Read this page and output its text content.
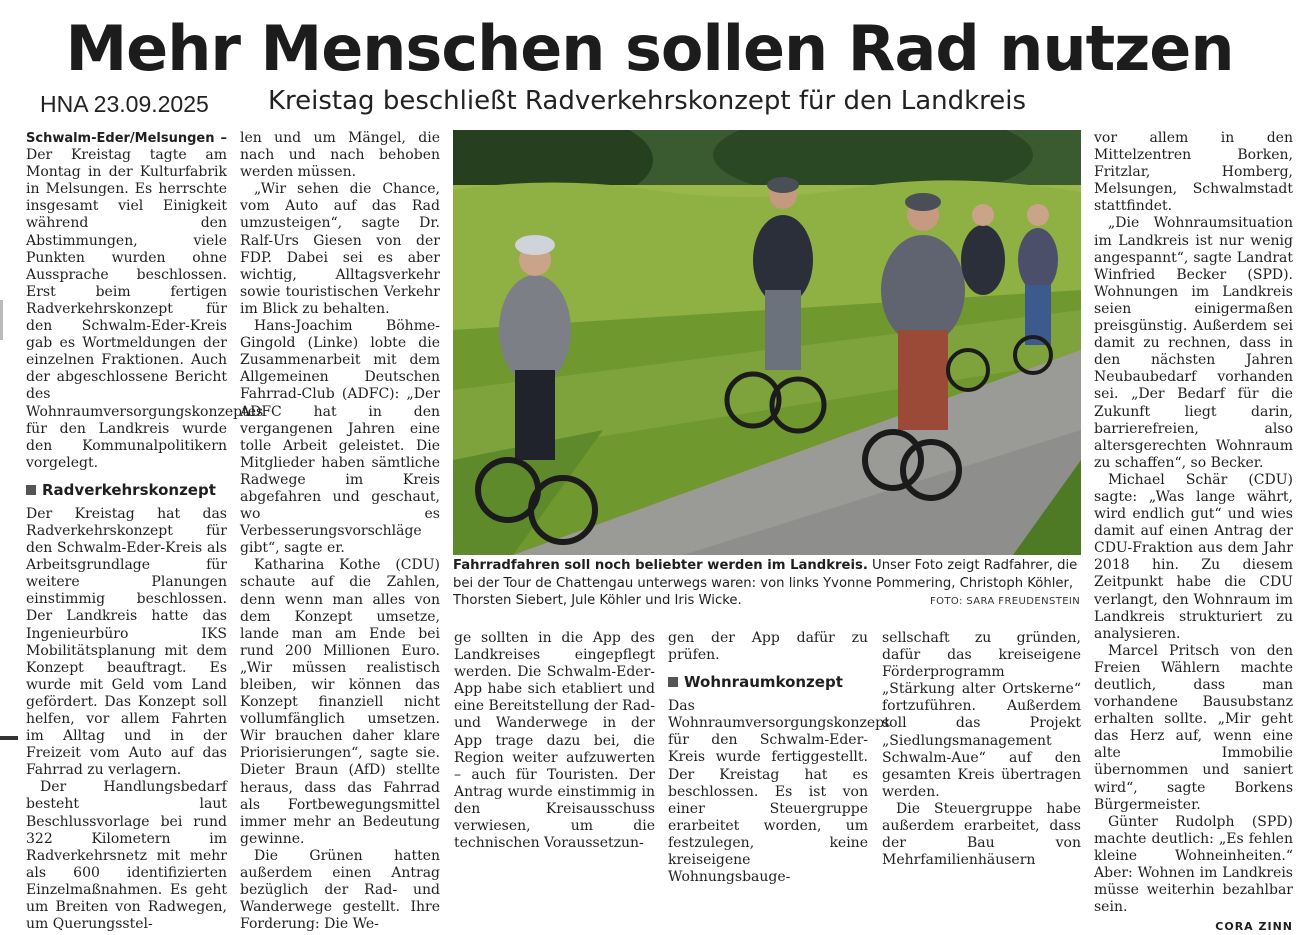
Mehr Menschen sollen Rad nutzen
HNA 23.09.2025 Kreistag beschließt Radverkehrskonzept für den Landkreis

Schwalm-Eder/Melsungen – Der Kreistag tagte am Montag in der Kulturfabrik in Melsungen. Es herrschte insgesamt viel Einigkeit während den Abstimmungen, viele Punkten wurden ohne Aussprache beschlossen. Erst beim fertigen Radverkehrskonzept für den Schwalm-Eder-Kreis gab es Wortmeldungen der einzelnen Fraktionen. Auch der abgeschlossene Bericht des Wohnraumversorgungskonzeptes für den Landkreis wurde den Kommunalpolitikern vorgelegt.

Radverkehrskonzept

Der Kreistag hat das Radverkehrskonzept für den Schwalm-Eder-Kreis als Arbeitsgrundlage für weitere Planungen einstimmig beschlossen. Der Landkreis hatte das Ingenieurbüro IKS Mobilitätsplanung mit dem Konzept beauftragt. Es wurde mit Geld vom Land gefördert. Das Konzept soll helfen, vor allem Fahrten im Alltag und in der Freizeit vom Auto auf das Fahrrad zu verlagern.

Der Handlungsbedarf besteht laut Beschlussvorlage bei rund 322 Kilometern im Radverkehrsnetz mit mehr als 600 identifizierten Einzelmaßnahmen. Es geht um Breiten von Radwegen, um Querungsstel-

len und um Mängel, die nach und nach behoben werden müssen.

„Wir sehen die Chance, vom Auto auf das Rad umzusteigen“, sagte Dr. Ralf-Urs Giesen von der FDP. Dabei sei es aber wichtig, Alltagsverkehr sowie touristischen Verkehr im Blick zu behalten.

Hans-Joachim Böhme-Gingold (Linke) lobte die Zusammenarbeit mit dem Allgemeinen Deutschen Fahrrad-Club (ADFC): „Der ADFC hat in den vergangenen Jahren eine tolle Arbeit geleistet. Die Mitglieder haben sämtliche Radwege im Kreis abgefahren und geschaut, wo es Verbesserungsvorschläge gibt“, sagte er.

Katharina Kothe (CDU) schaute auf die Zahlen, denn wenn man alles von dem Konzept umsetze, lande man am Ende bei rund 200 Millionen Euro. „Wir müssen realistisch bleiben, wir können das Konzept finanziell nicht vollumfänglich umsetzen. Wir brauchen daher klare Priorisierungen“, sagte sie. Dieter Braun (AfD) stellte heraus, dass das Fahrrad als Fortbewegungsmittel immer mehr an Bedeutung gewinne.

Die Grünen hatten außerdem einen Antrag bezüglich der Rad- und Wanderwege gestellt. Ihre Forderung: Die We-

Fahrradfahren soll noch beliebter werden im Landkreis. Unser Foto zeigt Radfahrer, die bei der Tour de Chattengau unterwegs waren: von links Yvonne Pommering, Christoph Köhler, Thorsten Siebert, Jule Köhler und Iris Wicke.	FOTO: SARA FREUDENSTEIN

ge sollten in die App des Landkreises eingepflegt werden. Die Schwalm-Eder-App habe sich etabliert und eine Bereitstellung der Rad- und Wanderwege in der App trage dazu bei, die Region weiter aufzuwerten – auch für Touristen. Der Antrag wurde einstimmig in den Kreisausschuss verwiesen, um die technischen Voraussetzun-

gen der App dafür zu prüfen.

Wohnraumkonzept

Das Wohnraumversorgungskonzept für den Schwalm-Eder-Kreis wurde fertiggestellt. Der Kreistag hat es beschlossen. Es ist von einer Steuergruppe erarbeitet worden, um festzulegen, keine kreiseigene Wohnungsbauge-

sellschaft zu gründen, dafür das kreiseigene Förderprogramm „Stärkung alter Ortskerne“ fortzuführen. Außerdem soll das Projekt „Siedlungsmanagement Schwalm-Aue“ auf den gesamten Kreis übertragen werden.

Die Steuergruppe habe außerdem erarbeitet, dass der Bau von Mehrfamilienhäusern

vor allem in den Mittelzentren Borken, Fritzlar, Homberg, Melsungen, Schwalmstadt stattfindet.

„Die Wohnraumsituation im Landkreis ist nur wenig angespannt“, sagte Landrat Winfried Becker (SPD). Wohnungen im Landkreis seien einigermaßen preisgünstig. Außerdem sei damit zu rechnen, dass in den nächsten Jahren Neubaubedarf vorhanden sei. „Der Bedarf für die Zukunft liegt darin, barrierefreien, also altersgerechten Wohnraum zu schaffen“, so Becker.

Michael Schär (CDU) sagte: „Was lange währt, wird endlich gut“ und wies damit auf einen Antrag der CDU-Fraktion aus dem Jahr 2018 hin. Zu diesem Zeitpunkt habe die CDU verlangt, den Wohnraum im Landkreis strukturiert zu analysieren.

Marcel Pritsch von den Freien Wählern machte deutlich, dass man vorhandene Bausubstanz erhalten sollte. „Mir geht das Herz auf, wenn eine alte Immobilie übernommen und saniert wird“, sagte Borkens Bürgermeister.

Günter Rudolph (SPD) machte deutlich: „Es fehlen kleine Wohneinheiten.“ Aber: Wohnen im Landkreis müsse weiterhin bezahlbar sein.

CORA ZINN
